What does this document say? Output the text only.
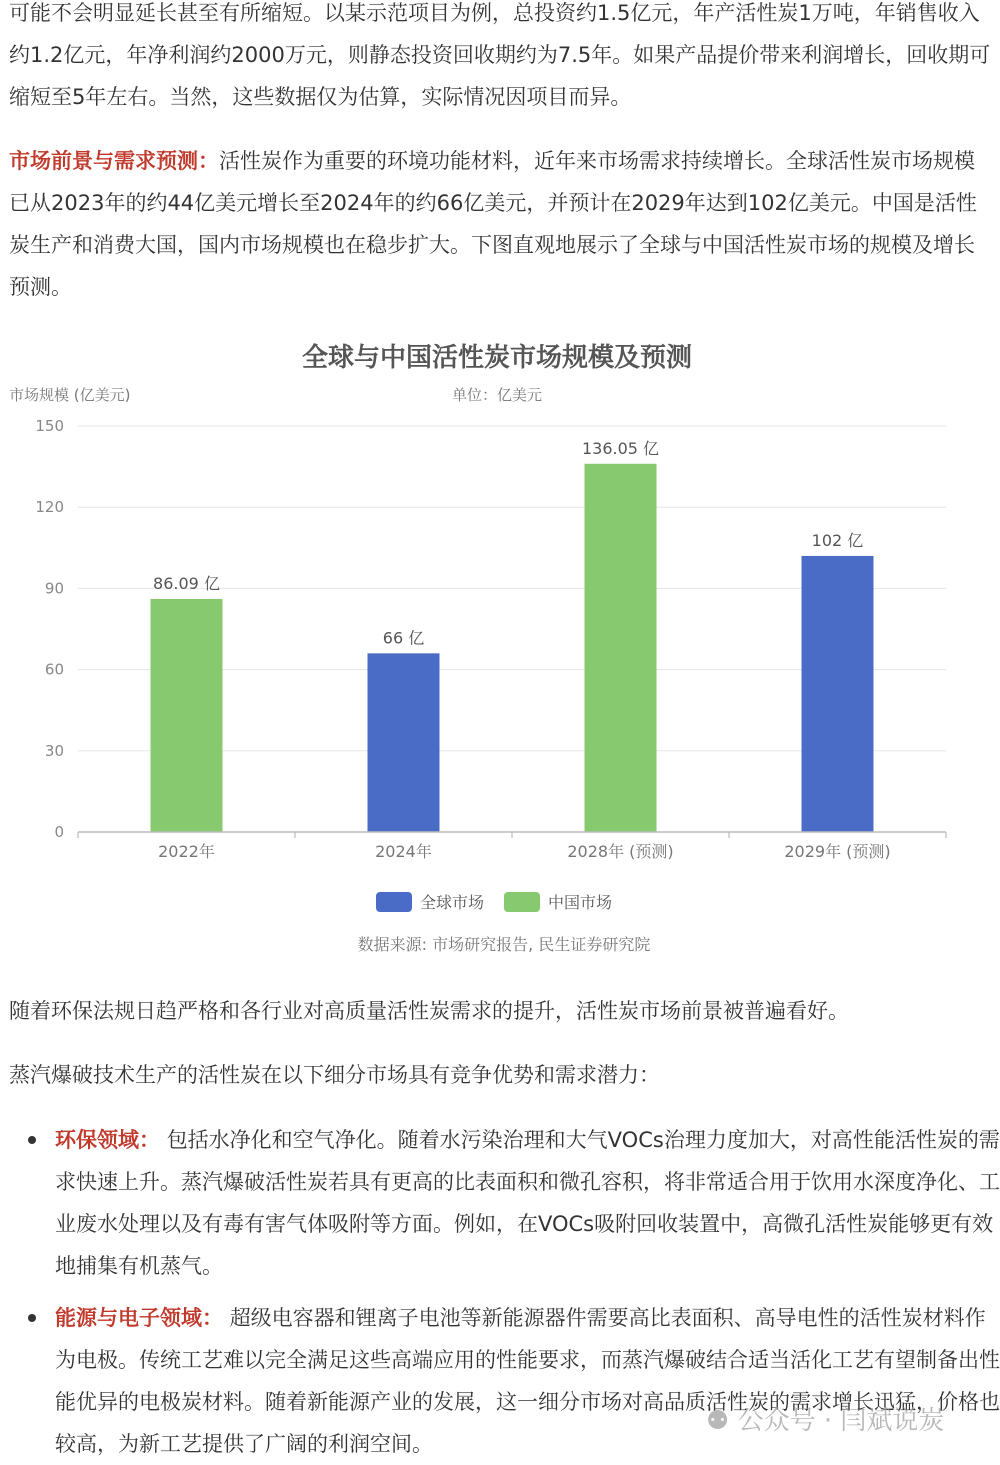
可能不会明显延长甚至有所缩短。以某示范项目为例，总投资约1.5亿元，年产活性炭1万吨，年销售收入约1.2亿元，年净利润约2000万元，则静态投资回收期约为7.5年。如果产品提价带来利润增长，回收期可缩短至5年左右。当然，这些数据仅为估算，实际情况因项目而异。

市场前景与需求预测：活性炭作为重要的环境功能材料，近年来市场需求持续增长。全球活性炭市场规模已从2023年的约44亿美元增长至2024年的约66亿美元，并预计在2029年达到102亿美元。中国是活性炭生产和消费大国，国内市场规模也在稳步扩大。下图直观地展示了全球与中国活性炭市场的规模及增长预测。

全球与中国活性炭市场规模及预测
市场规模 (亿美元)	单位：亿美元
0
30
60
90
120
150
66 亿
102 亿
86.09 亿
136.05 亿
2022年	2024年	2028年 (预测)	2029年 (预测)
全球市场	中国市场
数据来源: 市场研究报告, 民生证券研究院

随着环保法规日趋严格和各行业对高质量活性炭需求的提升，活性炭市场前景被普遍看好。

蒸汽爆破技术生产的活性炭在以下细分市场具有竞争优势和需求潜力：

环保领域： 包括水净化和空气净化。随着水污染治理和大气VOCs治理力度加大，对高性能活性炭的需求快速上升。蒸汽爆破活性炭若具有更高的比表面积和微孔容积，将非常适合用于饮用水深度净化、工业废水处理以及有毒有害气体吸附等方面。例如，在VOCs吸附回收装置中，高微孔活性炭能够更有效地捕集有机蒸气。

能源与电子领域： 超级电容器和锂离子电池等新能源器件需要高比表面积、高导电性的活性炭材料作为电极。传统工艺难以完全满足这些高端应用的性能要求，而蒸汽爆破结合适当活化工艺有望制备出性能优异的电极炭材料。随着新能源产业的发展，这一细分市场对高品质活性炭的需求增长迅猛，价格也较高，为新工艺提供了广阔的利润空间。

⚉ 公众号 · 闫斌说炭
